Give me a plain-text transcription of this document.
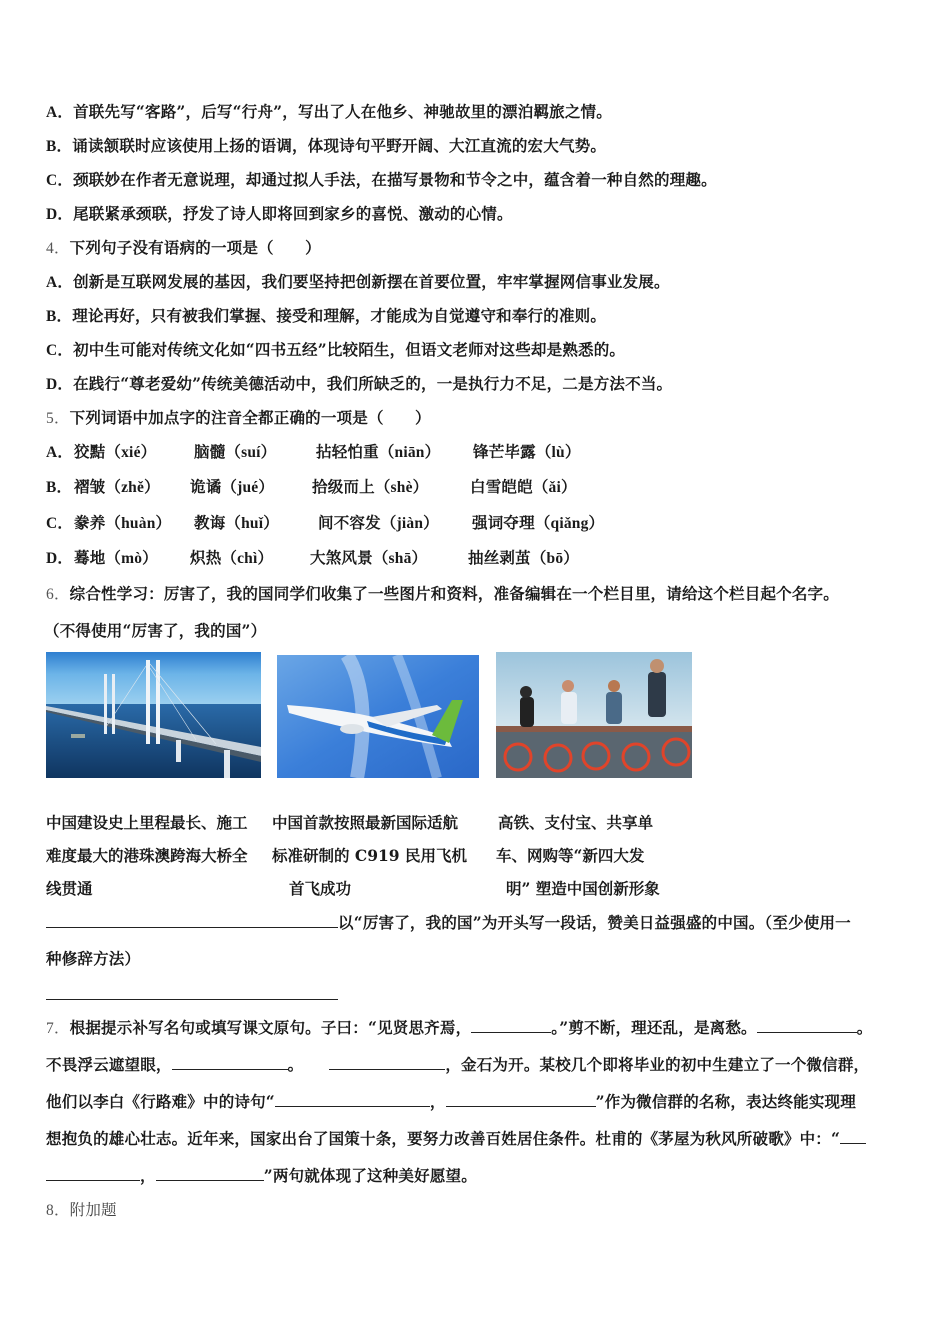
A．首联先写“客路”，后写“行舟”，写出了人在他乡、神驰故里的漂泊羁旅之情。
B．诵读颔联时应该使用上扬的语调，体现诗句平野开阔、大江直流的宏大气势。
C．颈联妙在作者无意说理，却通过拟人手法，在描写景物和节令之中，蕴含着一种自然的理趣。
D．尾联紧承颈联，抒发了诗人即将回到家乡的喜悦、激动的心情。
4．下列句子没有语病的一项是（　　）
A．创新是互联网发展的基因，我们要坚持把创新摆在首要位置，牢牢掌握网信事业发展。
B．理论再好，只有被我们掌握、接受和理解，才能成为自觉遵守和奉行的准则。
C．初中生可能对传统文化如“四书五经”比较陌生，但语文老师对这些却是熟悉的。
D．在践行“尊老爱幼”传统美德活动中，我们所缺乏的，一是执行力不足，二是方法不当。
5．下列词语中加点字的注音全都正确的一项是（　　）
A． 狡黠（xié） 脑髓（suí）	拈轻怕重（niān） 锋芒毕露（lù）
B． 褶皱（zhě） 诡谲（jué） 拾级而上（shè）	白雪皑皑（ǎi）
C． 豢养（huàn） 教诲（huǐ）	间不容发（jiàn） 强词夺理（qiǎng）
D． 蓦地（mò） 炽热（chì） 大煞风景（shā）	抽丝剥茧（bō）
6．综合性学习：厉害了，我的国同学们收集了一些图片和资料，准备编辑在一个栏目里，请给这个栏目起个名字。
（不得使用“厉害了，我的国”）
中国建设史上里程最长、施工
难度最大的港珠澳跨海大桥全
线贯通
中国首款按照最新国际适航
标准研制的 C919 民用飞机
首飞成功
高铁、支付宝、共享单
车、网购等“新四大发
明” 塑造中国创新形象
以“厉害了，我的国”为开头写一段话，赞美日益强盛的中国。（至少使用一
种修辞方法）
7．根据提示补写名句或填写课文原句。子曰：“见贤思齐焉，	。”剪不断，理还乱，是离愁。	。
不畏浮云遮望眼，	。	，金石为开。某校几个即将毕业的初中生建立了一个微信群，
他们以李白《行路难》中的诗句“	，	”作为微信群的名称，表达终能实现理
想抱负的雄心壮志。近年来，国家出台了国策十条，要努力改善百姓居住条件。杜甫的《茅屋为秋风所破歌》中：“
，	”两句就体现了这种美好愿望。
8．附加题
